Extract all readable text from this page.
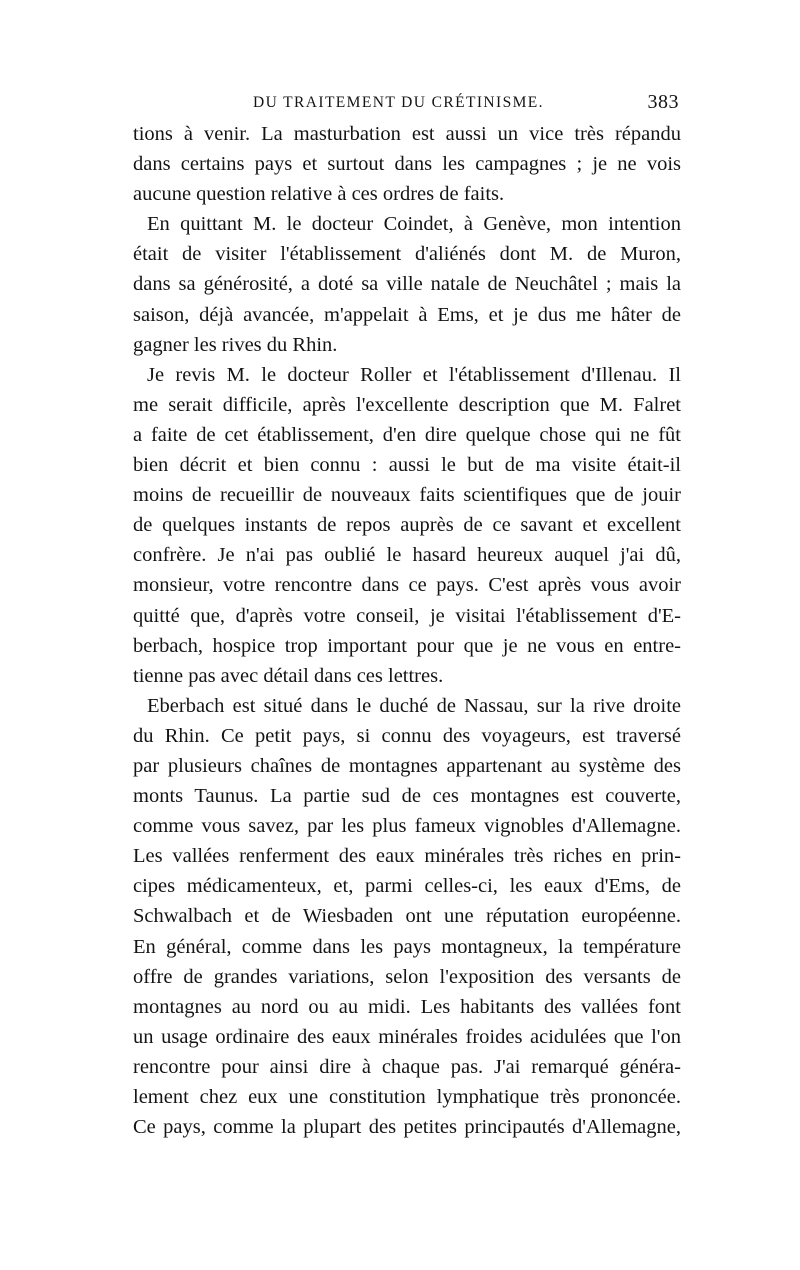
DU TRAITEMENT DU CRÉTINISME.	383
tions à venir. La masturbation est aussi un vice très répandu
dans certains pays et surtout dans les campagnes ; je ne vois
aucune question relative à ces ordres de faits.
En quittant M. le docteur Coindet, à Genève, mon intention
était de visiter l'établissement d'aliénés dont M. de Muron,
dans sa générosité, a doté sa ville natale de Neuchâtel ; mais la
saison, déjà avancée, m'appelait à Ems, et je dus me hâter de
gagner les rives du Rhin.
Je revis M. le docteur Roller et l'établissement d'Illenau. Il
me serait difficile, après l'excellente description que M. Falret
a faite de cet établissement, d'en dire quelque chose qui ne fût
bien décrit et bien connu : aussi le but de ma visite était-il
moins de recueillir de nouveaux faits scientifiques que de jouir
de quelques instants de repos auprès de ce savant et excellent
confrère. Je n'ai pas oublié le hasard heureux auquel j'ai dû,
monsieur, votre rencontre dans ce pays. C'est après vous avoir
quitté que, d'après votre conseil, je visitai l'établissement d'E-
berbach, hospice trop important pour que je ne vous en entre-
tienne pas avec détail dans ces lettres.
Eberbach est situé dans le duché de Nassau, sur la rive droite
du Rhin. Ce petit pays, si connu des voyageurs, est traversé
par plusieurs chaînes de montagnes appartenant au système des
monts Taunus. La partie sud de ces montagnes est couverte,
comme vous savez, par les plus fameux vignobles d'Allemagne.
Les vallées renferment des eaux minérales très riches en prin-
cipes médicamenteux, et, parmi celles-ci, les eaux d'Ems, de
Schwalbach et de Wiesbaden ont une réputation européenne.
En général, comme dans les pays montagneux, la température
offre de grandes variations, selon l'exposition des versants de
montagnes au nord ou au midi. Les habitants des vallées font
un usage ordinaire des eaux minérales froides acidulées que l'on
rencontre pour ainsi dire à chaque pas. J'ai remarqué généra-
lement chez eux une constitution lymphatique très prononcée.
Ce pays, comme la plupart des petites principautés d'Allemagne,
